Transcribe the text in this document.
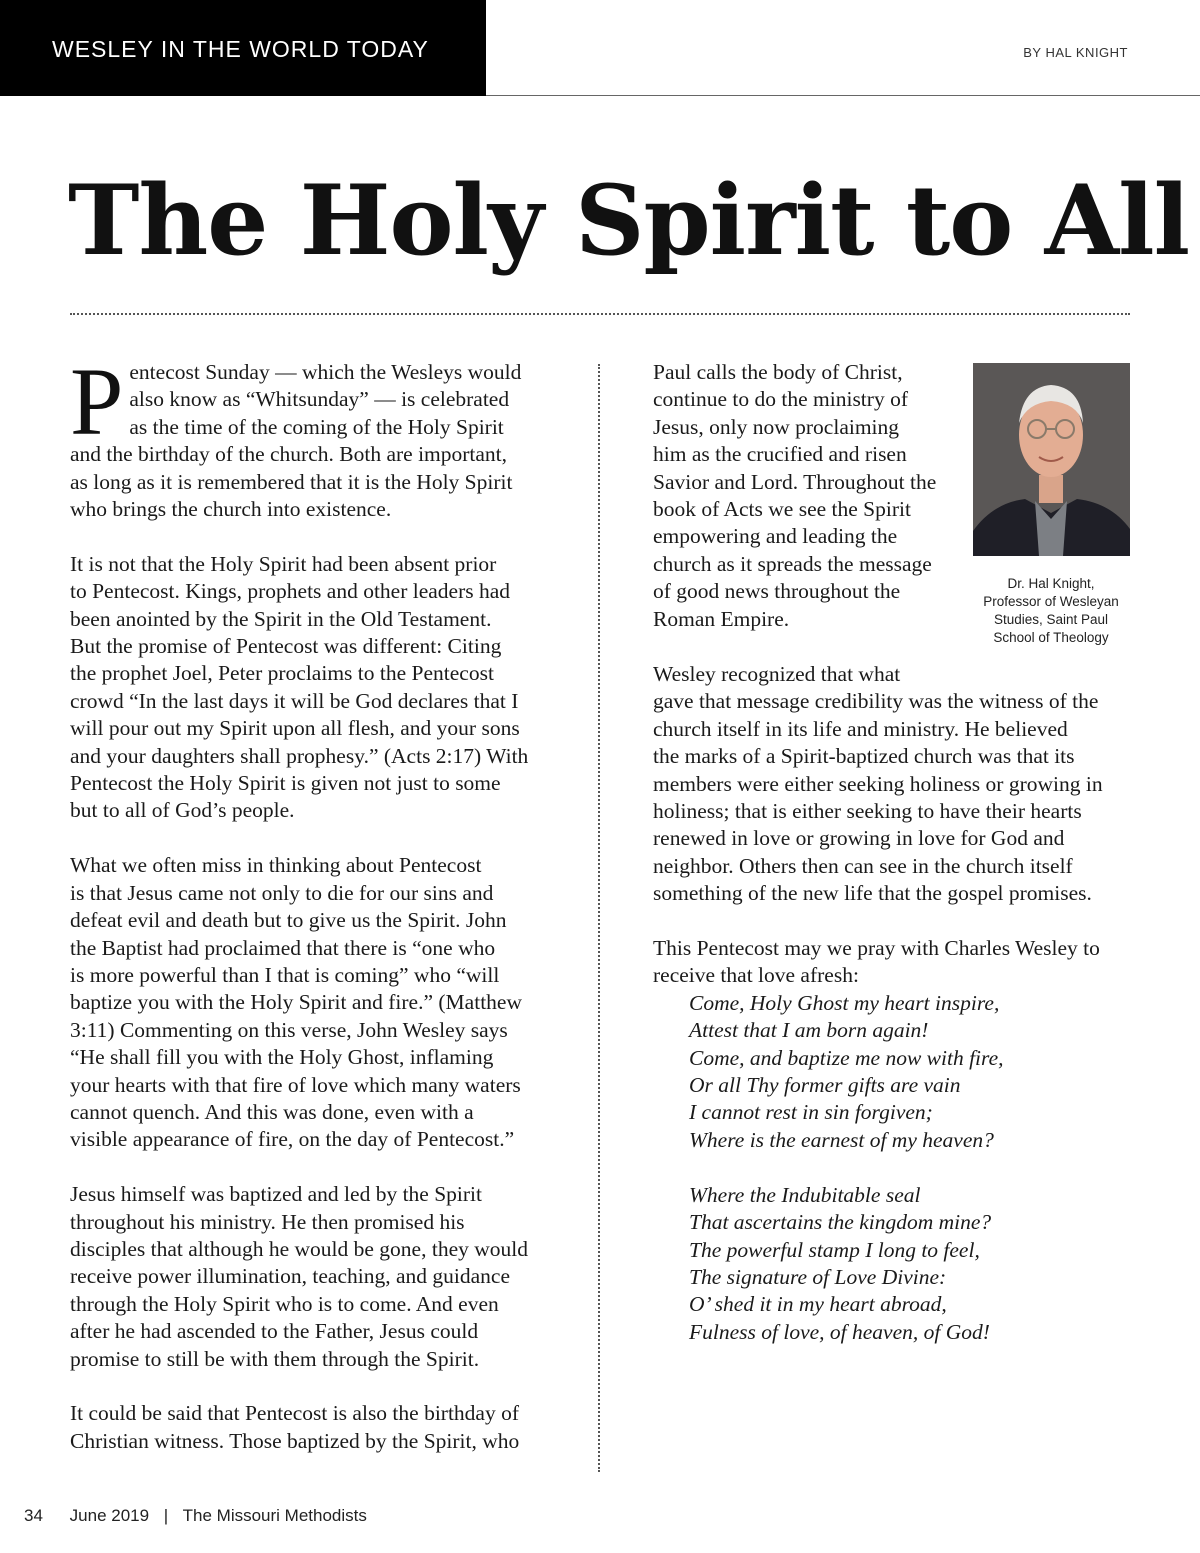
WESLEY IN THE WORLD TODAY	BY HAL KNIGHT
The Holy Spirit to All

Pentecost Sunday — which the Wesleys would
also know as “Whitsunday” — is celebrated
as the time of the coming of the Holy Spirit
and the birthday of the church. Both are important,
as long as it is remembered that it is the Holy Spirit
who brings the church into existence.

It is not that the Holy Spirit had been absent prior
to Pentecost. Kings, prophets and other leaders had
been anointed by the Spirit in the Old Testament.
But the promise of Pentecost was different: Citing
the prophet Joel, Peter proclaims to the Pentecost
crowd “In the last days it will be God declares that I
will pour out my Spirit upon all flesh, and your sons
and your daughters shall prophesy.” (Acts 2:17) With
Pentecost the Holy Spirit is given not just to some
but to all of God’s people.

What we often miss in thinking about Pentecost
is that Jesus came not only to die for our sins and
defeat evil and death but to give us the Spirit. John
the Baptist had proclaimed that there is “one who
is more powerful than I that is coming” who “will
baptize you with the Holy Spirit and fire.” (Matthew
3:11) Commenting on this verse, John Wesley says
“He shall fill you with the Holy Ghost, inflaming
your hearts with that fire of love which many waters
cannot quench. And this was done, even with a
visible appearance of fire, on the day of Pentecost.”

Jesus himself was baptized and led by the Spirit
throughout his ministry. He then promised his
disciples that although he would be gone, they would
receive power illumination, teaching, and guidance
through the Holy Spirit who is to come. And even
after he had ascended to the Father, Jesus could
promise to still be with them through the Spirit.

It could be said that Pentecost is also the birthday of
Christian witness. Those baptized by the Spirit, who

Paul calls the body of Christ,
continue to do the ministry of
Jesus, only now proclaiming
him as the crucified and risen
Savior and Lord. Throughout the
book of Acts we see the Spirit
empowering and leading the
church as it spreads the message
of good news throughout the
Roman Empire.

Dr. Hal Knight,
Professor of Wesleyan
Studies, Saint Paul
School of Theology

Wesley recognized that what
gave that message credibility was the witness of the
church itself in its life and ministry. He believed
the marks of a Spirit-baptized church was that its
members were either seeking holiness or growing in
holiness; that is either seeking to have their hearts
renewed in love or growing in love for God and
neighbor. Others then can see in the church itself
something of the new life that the gospel promises.

This Pentecost may we pray with Charles Wesley to
receive that love afresh:

Come, Holy Ghost my heart inspire,
Attest that I am born again!
Come, and baptize me now with fire,
Or all Thy former gifts are vain
I cannot rest in sin forgiven;
Where is the earnest of my heaven?

Where the Indubitable seal
That ascertains the kingdom mine?
The powerful stamp I long to feel,
The signature of Love Divine:
O’ shed it in my heart abroad,
Fulness of love, of heaven, of God!

34 June 2019 | The Missouri Methodists
